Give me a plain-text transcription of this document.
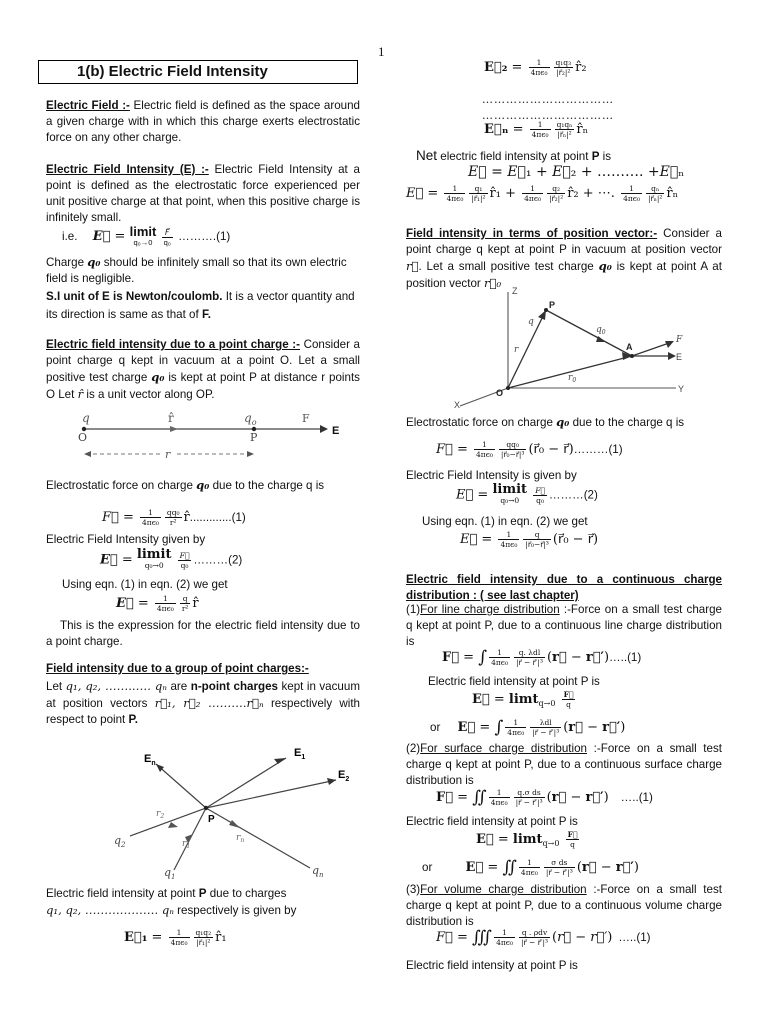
1
1(b) Electric Field Intensity

Electric Field :- Electric field is defined as the space around a given charge with in which this charge exerts electrostatic force on any other charge.

Electric Field Intensity (E) :- Electric Field Intensity at a point is defined as the electrostatic force experienced per unit positive charge at that point, when this positive charge is infinitely small.

i.e. E⃗ = limit
q₀→0
	$\frac{F⃗}{\text{q₀}}$ ……….(1)

Charge q₀ should be infinitely small so that its own electric field is negligible.

S.I unit of E is Newton/coulomb. It is a vector quantity and its direction is same as that of F.

Electric field intensity due to a point charge :- Consider a point charge q kept in vacuum at a point O. Let a small positive test charge q₀ is kept at point P at distance r points O Let r̂ is a unit vector along OP.

q	r̂	$q_o$	F
E
O	P
r

Electrostatic force on charge q₀ due to the charge q is

F⃗ = $\frac{1}{\text{4πϵ₀}} \frac{\text{qq₀}}{\text{r²}}$ r̂.............(1)

Electric Field Intensity given by

E⃗ = limit
q₀→0
	$\frac{F⃗}{\text{q₀}}$ ………(2)

Using eqn. (1) in eqn. (2) we get

E⃗ = $\frac{1}{\text{4πϵ₀}} \frac{q}{\text{r²}}$ r̂

This is the expression for the electric field intensity due to a point charge.

Field intensity due to a group of point charges:-

Let q₁, q₂, ……..…. qₙ are n-point charges kept in vacuum at position vectors r⃗₁, r⃗₂ ……….r⃗ₙ respectively with respect to point P.

P
$E_n$
$E_1$
$E_2$
$q_2$
$q_1$	$q_n$
$r_2$
$r_1$
$r_n$

Electric field intensity at point P due to charges
q₁, q₂, ………………. qₙ respectively is given by

E⃗₁ = $\frac{1}{\text{4πϵ₀}} \frac{\text{q₁q₂}}{\text{|r⃗₁|²}}$ r̂₁
E⃗₂ = $\frac{1}{\text{4πϵ₀}} \frac{\text{q₁q₃}}{\text{|r⃗₂|²}}$ r̂₂
……………………………
……………………………
E⃗ₙ = $\frac{1}{\text{4πϵ₀}} \frac{\text{q₁qₙ}}{\text{|r⃗ₙ|²}}$ r̂ₙ

Net electric field intensity at point P is

E⃗ = E⃗₁ + E⃗₂ + ………. +E⃗ₙ
E⃗ = $\frac{1}{\text{4πϵ₀}} \frac{\text{q₁}}{\text{|r⃗₁|²}}$ r̂₁ + $\frac{1}{\text{4πϵ₀}} \frac{\text{q₂}}{\text{|r⃗₂|²}}$ r̂₂ + ⋯. $\frac{1}{\text{4πϵ₀}} \frac{\text{qₙ}}{\text{|r⃗ₙ|²}}$ r̂ₙ

Field intensity in terms of position vector:- Consider a point charge q kept at point P in vacuum at position vector r⃗. Let a small positive test charge q₀ is kept at point A at position vector r⃗₀

Z
Y
X
O
P
A
q
$q_0$
F
E
r
$r_0$

Electrostatic force on charge q₀ due to the charge q is

F⃗ = $\frac{1}{\text{4πϵ₀}} \frac{\text{qq₀}}{\text{|r⃗₀−r⃗|³}}$ (r⃗₀ − r⃗)………(1)

Electric Field Intensity is given by

E⃗ = limit
q₀→0
	$\frac{F⃗}{\text{q₀}}$ ………(2)

Using eqn. (1) in eqn. (2) we get

E⃗ = $\frac{1}{\text{4πϵ₀}} \frac{q}{\text{|r⃗₀−r⃗|³}}$ (r⃗₀ − r⃗)

Electric field intensity due to a continuous charge distribution : ( see last chapter)

(1)For line charge distribution :-Force on a small test charge q kept at point P, due to a continuous line charge distribution is

F⃗ = ∫ $\frac{1}{\text{4πϵ₀}} \frac{\text{q. λdl}}{\text{|r⃗ − r⃗′|³}}$ (r⃗ − r⃗′)…..(1)

Electric field intensity at point P is

E⃗ = $\lim t_{q\to 0} \frac{F⃗}{q}$
or E⃗ = ∫ $\frac{1}{\text{4πϵ₀}} \frac{\text{λdl}}{\text{|r⃗ − r⃗′|³}}$ (r⃗ − r⃗′)

(2)For surface charge distribution :-Force on a small test charge q kept at point P, due to a continuous surface charge distribution is

F⃗ = ∬ $\frac{1}{\text{4πϵ₀}} \frac{\text{q.σ ds}}{\text{|r⃗ − r⃗′|³}}$ (r⃗ − r⃗′) …..(1)

Electric field intensity at point P is

E⃗ = $\lim t_{q\to 0} \frac{F⃗}{q}$
or	E⃗ = ∬ $\frac{1}{\text{4πϵ₀}} \frac{\text{σ ds}}{\text{|r⃗ − r⃗′|³}}$ (r⃗ − r⃗′)

(3)For volume charge distribution :-Force on a small test charge q kept at point P, due to a continuous volume charge distribution is

F⃗ = ∭ $\frac{1}{\text{4πϵ₀}} \frac{\text{q . ρdv}}{\text{|r⃗ − r⃗′|³}}$ (r⃗ − r⃗′) …..(1)

Electric field intensity at point P is
